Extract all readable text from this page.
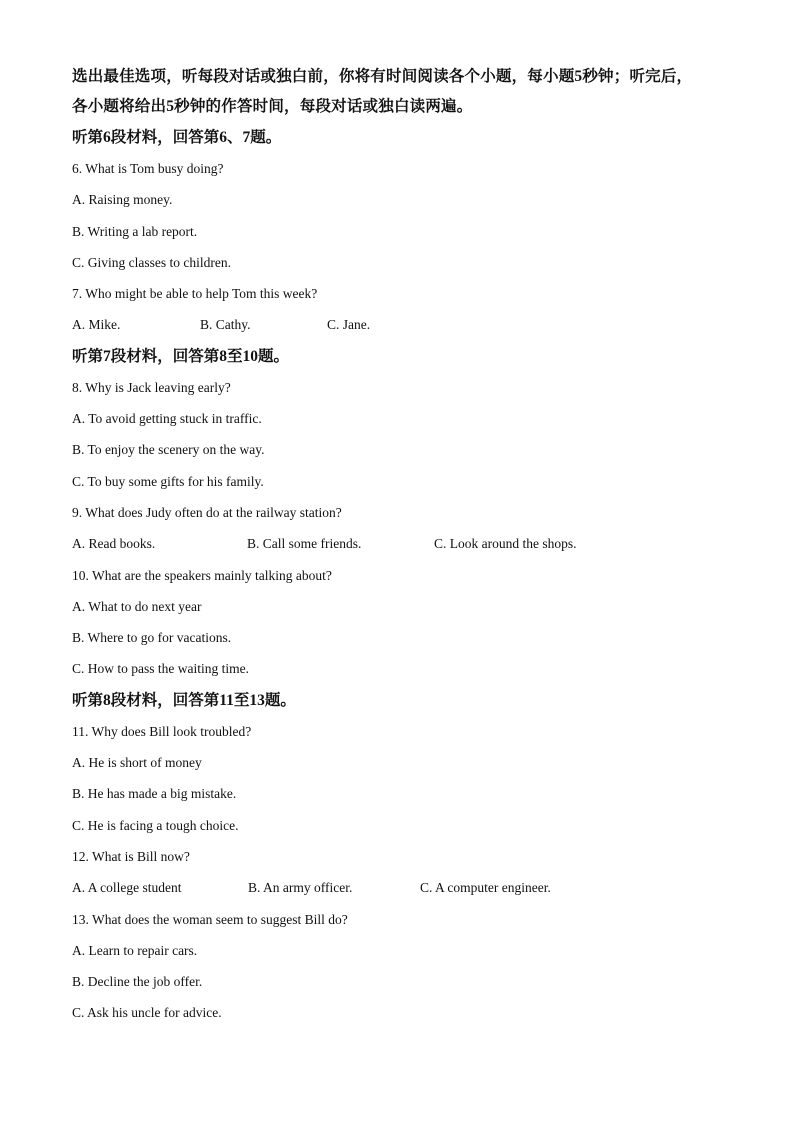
选出最佳选项，听每段对话或独白前，你将有时间阅读各个小题，每小题5秒钟；听完后，

各小题将给出5秒钟的作答时间，每段对话或独白读两遍。

听第6段材料，回答第6、7题。

6. What is Tom busy doing?

A. Raising money.

B. Writing a lab report.

C. Giving classes to children.

7. Who might be able to help Tom this week?

A. Mike.	B. Cathy.	C. Jane.

听第7段材料，回答第8至10题。

8. Why is Jack leaving early?

A. To avoid getting stuck in traffic.

B. To enjoy the scenery on the way.

C. To buy some gifts for his family.

9. What does Judy often do at the railway station?

A. Read books.	B. Call some friends.	C. Look around the shops.

10. What are the speakers mainly talking about?

A. What to do next year

B. Where to go for vacations.

C. How to pass the waiting time.

听第8段材料，回答第11至13题。

11. Why does Bill look troubled?

A. He is short of money

B. He has made a big mistake.

C. He is facing a tough choice.

12. What is Bill now?

A. A college student	B. An army officer.	C. A computer engineer.

13. What does the woman seem to suggest Bill do?

A. Learn to repair cars.

B. Decline the job offer.

C. Ask his uncle for advice.
